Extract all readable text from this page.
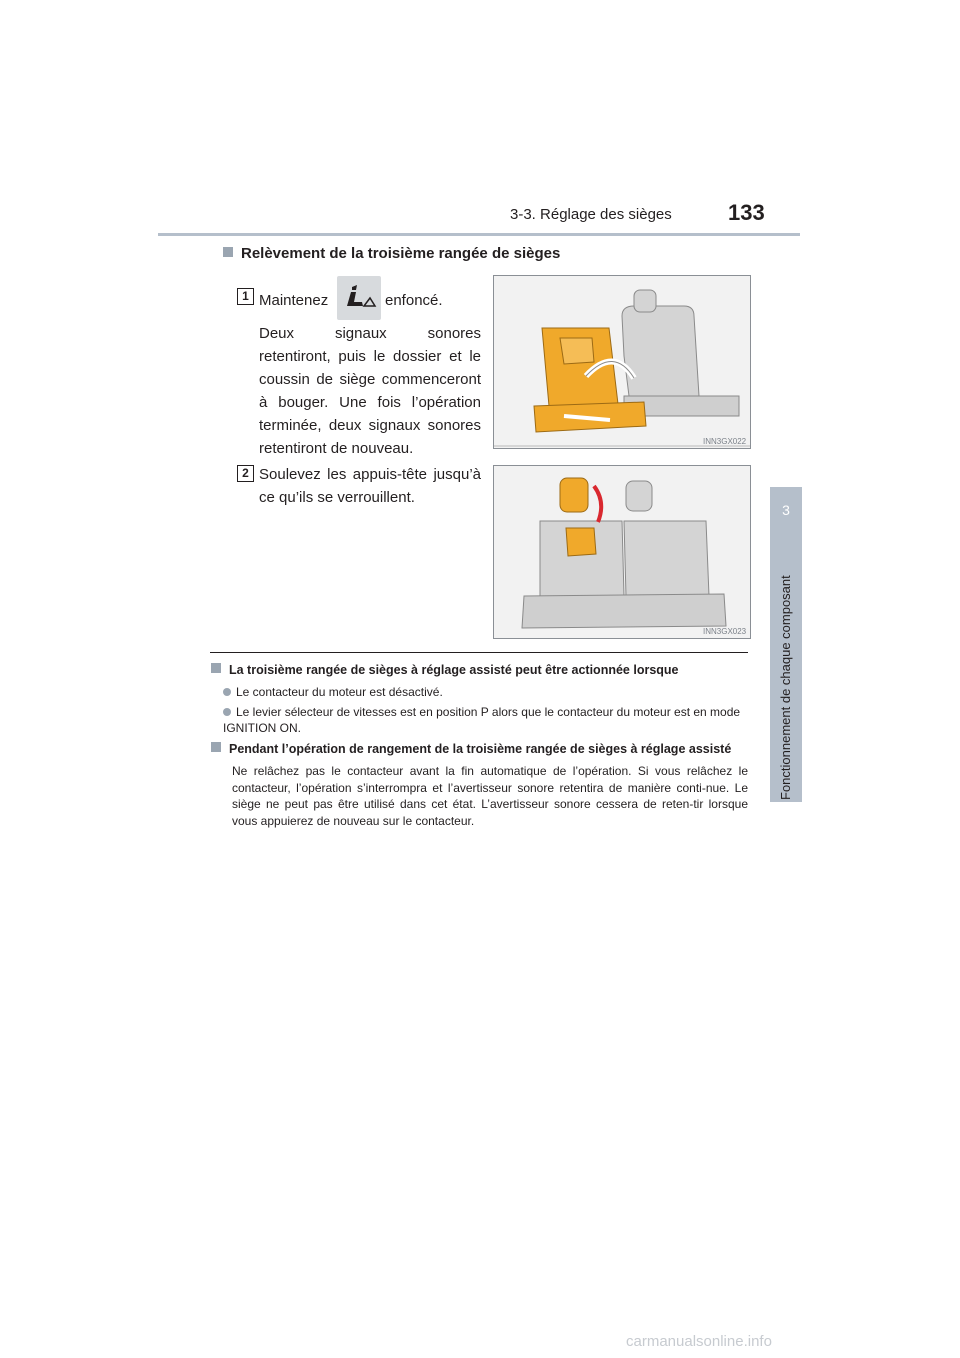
3-3. Réglage des sièges	133
3
Fonctionnement de chaque composant
Relèvement de la troisième rangée de sièges
1 Maintenez	enfoncé.
Deux signaux sonores retentiront, puis le dossier et le coussin de siège commenceront à bouger. Une fois l’opération terminée, deux signaux sonores retentiront de nouveau.	INN3GX022
2 Soulevez les appuis-tête jusqu’à ce qu’ils se verrouillent.
INN3GX023
La troisième rangée de sièges à réglage assisté peut être actionnée lorsque
Le contacteur du moteur est désactivé.
Le levier sélecteur de vitesses est en position P alors que le contacteur du moteur est en mode IGNITION ON.
Pendant l’opération de rangement de la troisième rangée de sièges à réglage assisté
Ne relâchez pas le contacteur avant la fin automatique de l’opération. Si vous relâchez le contacteur, l’opération s’interrompra et l’avertisseur sonore retentira de manière conti-nue. Le siège ne peut pas être utilisé dans cet état. L’avertisseur sonore cessera de reten-tir lorsque vous appuierez de nouveau sur le contacteur.
carmanualsonline.info
